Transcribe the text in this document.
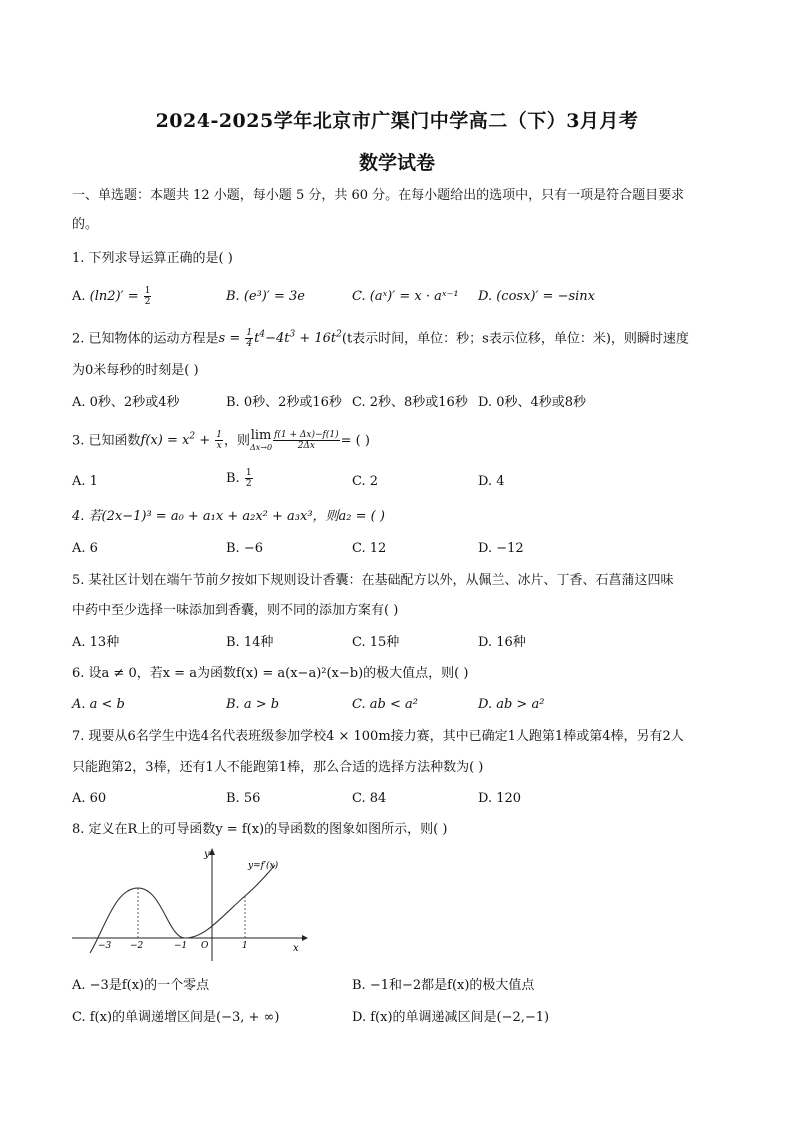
2024-2025学年北京市广渠门中学高二（下）3月月考
数学试卷
一、单选题：本题共 12 小题，每小题 5 分，共 60 分。在每小题给出的选项中，只有一项是符合题目要求
的。
1. 下列求导运算正确的是( )
A. $(\ln 2)' = \frac{1}{2}$	B. (e³)′ = 3e	C. (aˣ)′ = x · aˣ⁻¹ D. (cosx)′ = −sinx
2. 已知物体的运动方程是$s = \frac{1}{4} t^4-4t^3 + 16t^2(t$表示时间，单位：秒；s表示位移，单位：米)，则瞬时速度
为0米每秒的时刻是( )
A. 0秒、2秒或4秒	B. 0秒、2秒或16秒 C. 2秒、8秒或16秒 D. 0秒、4秒或8秒
3. 已知函数$f(x) = x^2 + \frac{1}{x}$ ，则 lim
$\Delta x\to 0 \frac{f(1 + \Delta x)-f(1)}{2\Delta x}$ = ( )
A. 1	B. $\frac{1}{2}$	C. 2	D. 4
4. 若(2x−1)³ = a₀ + a₁x + a₂x² + a₃x³，则a₂ = ( )
A. 6	B. −6	C. 12	D. −12
5. 某社区计划在端午节前夕按如下规则设计香囊：在基础配方以外，从佩兰、冰片、丁香、石菖蒲这四味
中药中至少选择一味添加到香囊，则不同的添加方案有( )
A. 13种	B. 14种	C. 15种	D. 16种
6. 设a ≠ 0，若x = a为函数f(x) = a(x−a)²(x−b)的极大值点，则( )
A. a < b	B. a > b	C. ab < a²	D. ab > a²
7. 现要从6名学生中选4名代表班级参加学校4 × 100m接力赛，其中已确定1人跑第1棒或第4棒，另有2人
只能跑第2，3棒，还有1人不能跑第1棒，那么合适的选择方法种数为( )
A. 60	B. 56	C. 84	D. 120
8. 定义在R上的可导函数y = f(x)的导函数的图象如图所示，则( )
y
x
−3 −2	−1 O	1
y=f′(x)
A. −3是f(x)的一个零点	B. −1和−2都是f(x)的极大值点
C. f(x)的单调递增区间是(−3, + ∞)	D. f(x)的单调递减区间是(−2,−1)
